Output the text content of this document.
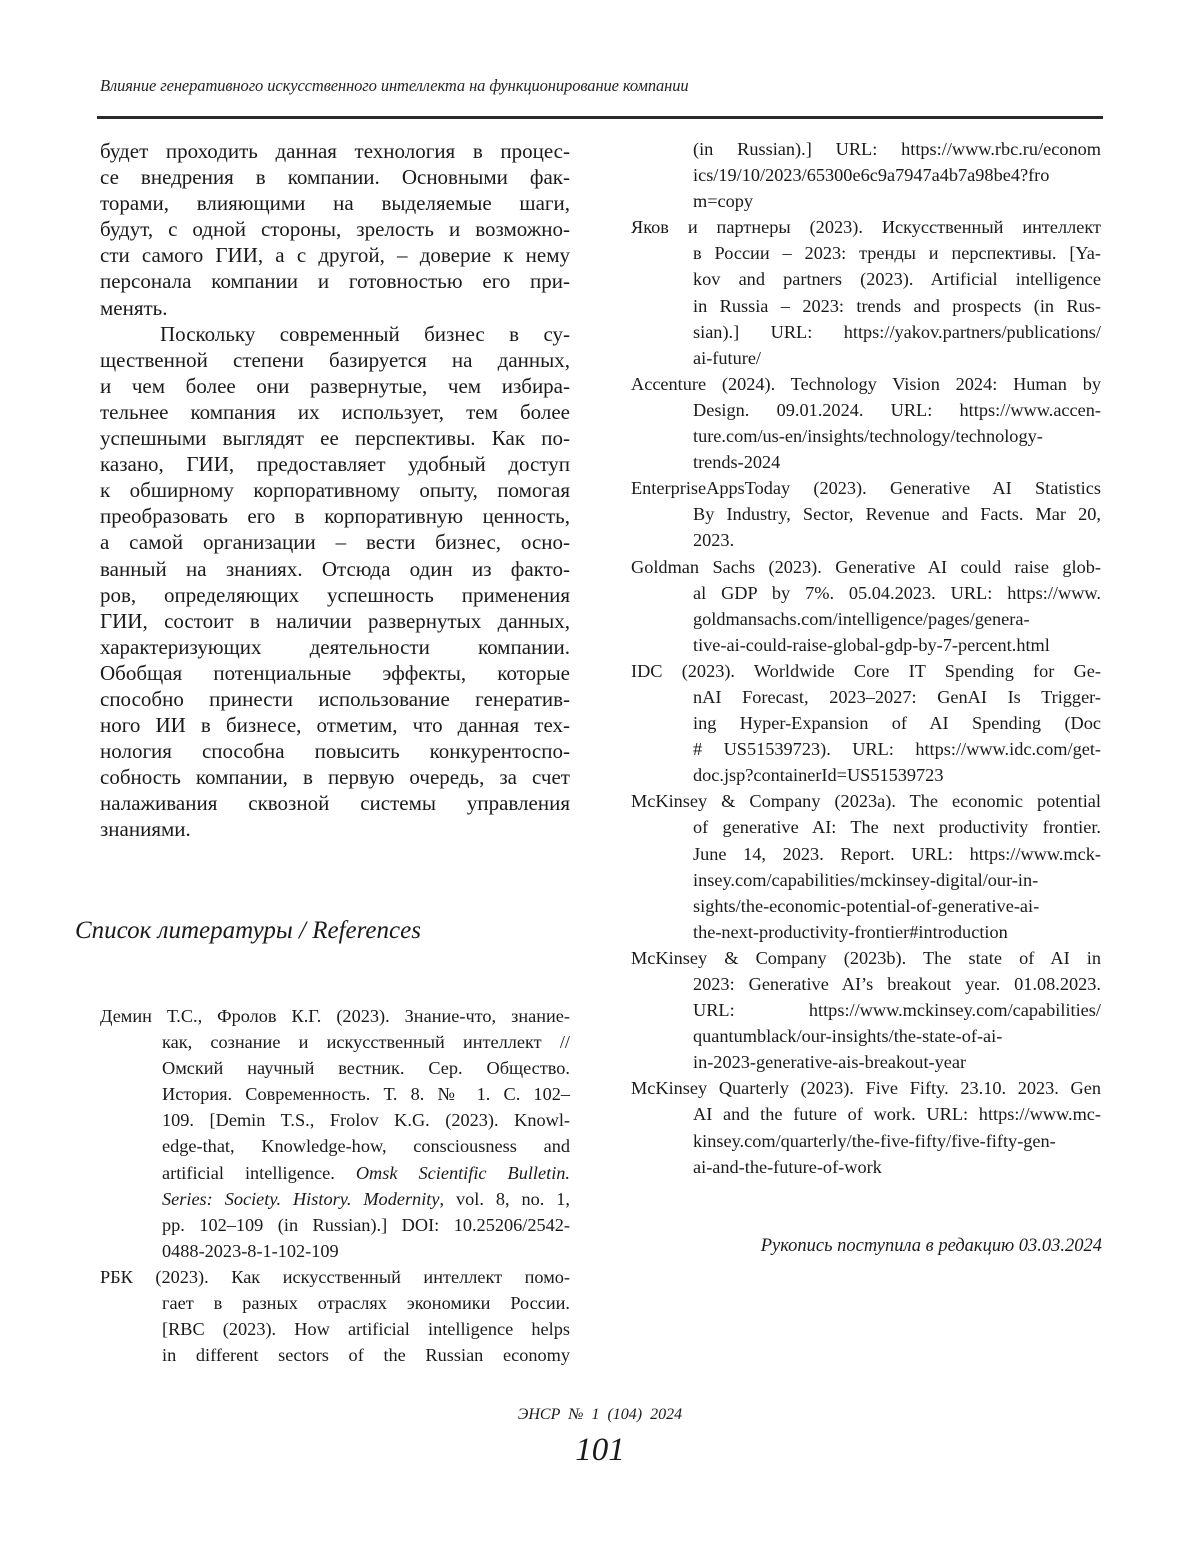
Влияние генеративного искусственного интеллекта на функционирование компании
будет проходить данная технология в процес-
се внедрения в компании. Основными фак-
торами, влияющими на выделяемые шаги,
будут, с одной стороны, зрелость и возможно-
сти самого ГИИ, а с другой, – доверие к нему
персонала компании и готовностью его при-
менять.
Поскольку современный бизнес в су-
щественной степени базируется на данных,
и чем более они развернутые, чем избира-
тельнее компания их использует, тем более
успешными выглядят ее перспективы. Как по-
казано, ГИИ, предоставляет удобный доступ
к обширному корпоративному опыту, помогая
преобразовать его в корпоративную ценность,
а самой организации – вести бизнес, осно-
ванный на знаниях. Отсюда один из факто-
ров, определяющих успешность применения
ГИИ, состоит в наличии развернутых данных,
характеризующих деятельности компании.
Обобщая потенциальные эффекты, которые
способно принести использование генератив-
ного ИИ в бизнесе, отметим, что данная тех-
нология способна повысить конкурентоспо-
собность компании, в первую очередь, за счет
налаживания сквозной системы управления
знаниями.
Список литературы / References
Демин Т.С., Фролов К.Г. (2023). Знание-что, знание-
как, сознание и искусственный интеллект //
Омский научный вестник. Сер. Общество.
История. Современность. Т. 8. № 1. С. 102–
109. [Demin T.S., Frolov K.G. (2023). Knowl-
edge-that, Knowledge-how, consciousness and
artificial intelligence. Omsk Scientific Bulletin.
Series: Society. History. Modernity, vol. 8, no. 1,
pp. 102–109 (in Russian).] DOI: 10.25206/2542-
0488-2023-8-1-102-109
РБК (2023). Как искусственный интеллект помо-
гает в разных отраслях экономики России.
[RBC (2023). How artificial intelligence helps
in different sectors of the Russian economy
(in Russian).] URL: https://www.rbc.ru/econom
ics/19/10/2023/65300e6c9a7947a4b7a98be4?fro
m=copy
Яков и партнеры (2023). Искусственный интеллект
в России – 2023: тренды и перспективы. [Ya-
kov and partners (2023). Artificial intelligence
in Russia – 2023: trends and prospects (in Rus-
sian).] URL: https://yakov.partners/publications/
ai-future/
Accenture (2024). Technology Vision 2024: Human by
Design. 09.01.2024. URL: https://www.accen-
ture.com/us-en/insights/technology/technology-
trends-2024
EnterpriseAppsToday (2023). Generative AI Statistics
By Industry, Sector, Revenue and Facts. Mar 20,
2023.
Goldman Sachs (2023). Generative AI could raise glob-
al GDP by 7%. 05.04.2023. URL: https://www.
goldmansachs.com/intelligence/pages/genera-
tive-ai-could-raise-global-gdp-by-7-percent.html
IDC (2023). Worldwide Core IT Spending for Ge-
nAI Forecast, 2023–2027: GenAI Is Trigger-
ing Hyper-Expansion of AI Spending (Doc
# US51539723). URL: https://www.idc.com/get-
doc.jsp?containerId=US51539723
McKinsey & Company (2023a). The economic potential
of generative AI: The next productivity frontier.
June 14, 2023. Report. URL: https://www.mck-
insey.com/capabilities/mckinsey-digital/our-in-
sights/the-economic-potential-of-generative-ai-
the-next-productivity-frontier#introduction
McKinsey & Company (2023b). The state of AI in
2023: Generative AI’s breakout year. 01.08.2023.
URL: https://www.mckinsey.com/capabilities/
quantumblack/our-insights/the-state-of-ai-
in-2023-generative-ais-breakout-year
McKinsey Quarterly (2023). Five Fifty. 23.10. 2023. Gen
AI and the future of work. URL: https://www.mc-
kinsey.com/quarterly/the-five-fifty/five-fifty-gen-
ai-and-the-future-of-work
Рукопись поступила в редакцию 03.03.2024
ЭНСР № 1 (104) 2024
101
